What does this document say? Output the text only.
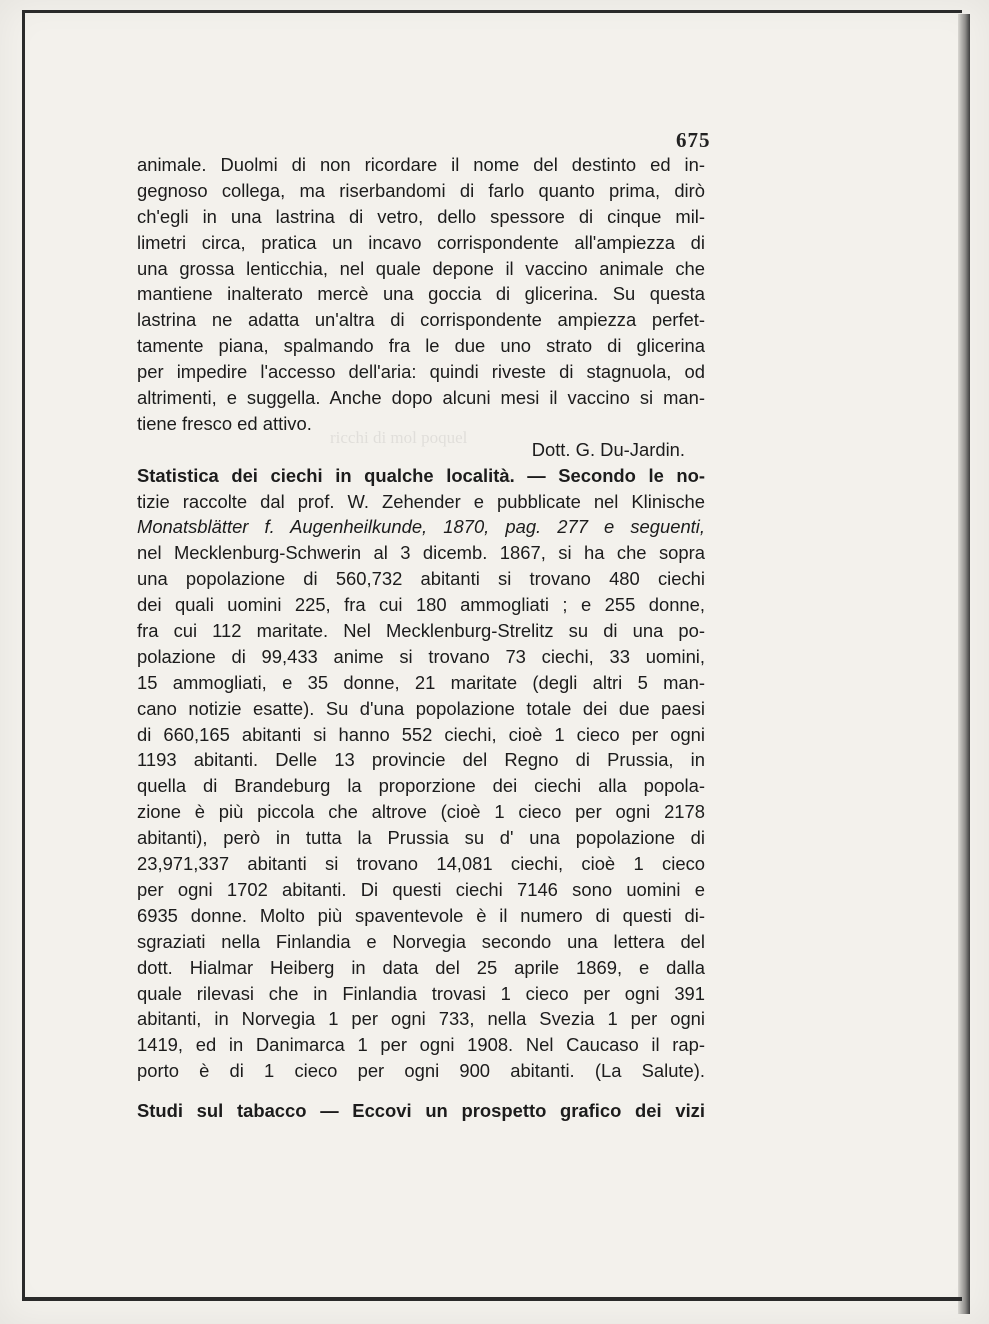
ricchi di mol poquel
675
animale. Duolmi di non ricordare il nome del destinto ed in-
gegnoso collega, ma riserbandomi di farlo quanto prima, dirò
ch'egli in una lastrina di vetro, dello spessore di cinque mil-
limetri circa, pratica un incavo corrispondente all'ampiezza di
una grossa lenticchia, nel quale depone il vaccino animale che
mantiene inalterato mercè una goccia di glicerina. Su questa
lastrina ne adatta un'altra di corrispondente ampiezza perfet-
tamente piana, spalmando fra le due uno strato di glicerina
per impedire l'accesso dell'aria: quindi riveste di stagnuola, od
altrimenti, e suggella. Anche dopo alcuni mesi il vaccino si man-
tiene fresco ed attivo.
Dott. G. Du-Jardin.
Statistica dei ciechi in qualche località. — Secondo le no-
tizie raccolte dal prof. W. Zehender e pubblicate nel Klinische
Monatsblätter f. Augenheilkunde, 1870, pag. 277 e seguenti,
nel Mecklenburg-Schwerin al 3 dicemb. 1867, si ha che sopra
una popolazione di 560,732 abitanti si trovano 480 ciechi
dei quali uomini 225, fra cui 180 ammogliati ; e 255 donne,
fra cui 112 maritate. Nel Mecklenburg-Strelitz su di una po-
polazione di 99,433 anime si trovano 73 ciechi, 33 uomini,
15 ammogliati, e 35 donne, 21 maritate (degli altri 5 man-
cano notizie esatte). Su d'una popolazione totale dei due paesi
di 660,165 abitanti si hanno 552 ciechi, cioè 1 cieco per ogni
1193 abitanti. Delle 13 provincie del Regno di Prussia, in
quella di Brandeburg la proporzione dei ciechi alla popola-
zione è più piccola che altrove (cioè 1 cieco per ogni 2178
abitanti), però in tutta la Prussia su d' una popolazione di
23,971,337 abitanti si trovano 14,081 ciechi, cioè 1 cieco
per ogni 1702 abitanti. Di questi ciechi 7146 sono uomini e
6935 donne. Molto più spaventevole è il numero di questi di-
sgraziati nella Finlandia e Norvegia secondo una lettera del
dott. Hialmar Heiberg in data del 25 aprile 1869, e dalla
quale rilevasi che in Finlandia trovasi 1 cieco per ogni 391
abitanti, in Norvegia 1 per ogni 733, nella Svezia 1 per ogni
1419, ed in Danimarca 1 per ogni 1908. Nel Caucaso il rap-
porto è di 1 cieco per ogni 900 abitanti. (La Salute).
Studi sul tabacco — Eccovi un prospetto grafico dei vizi
